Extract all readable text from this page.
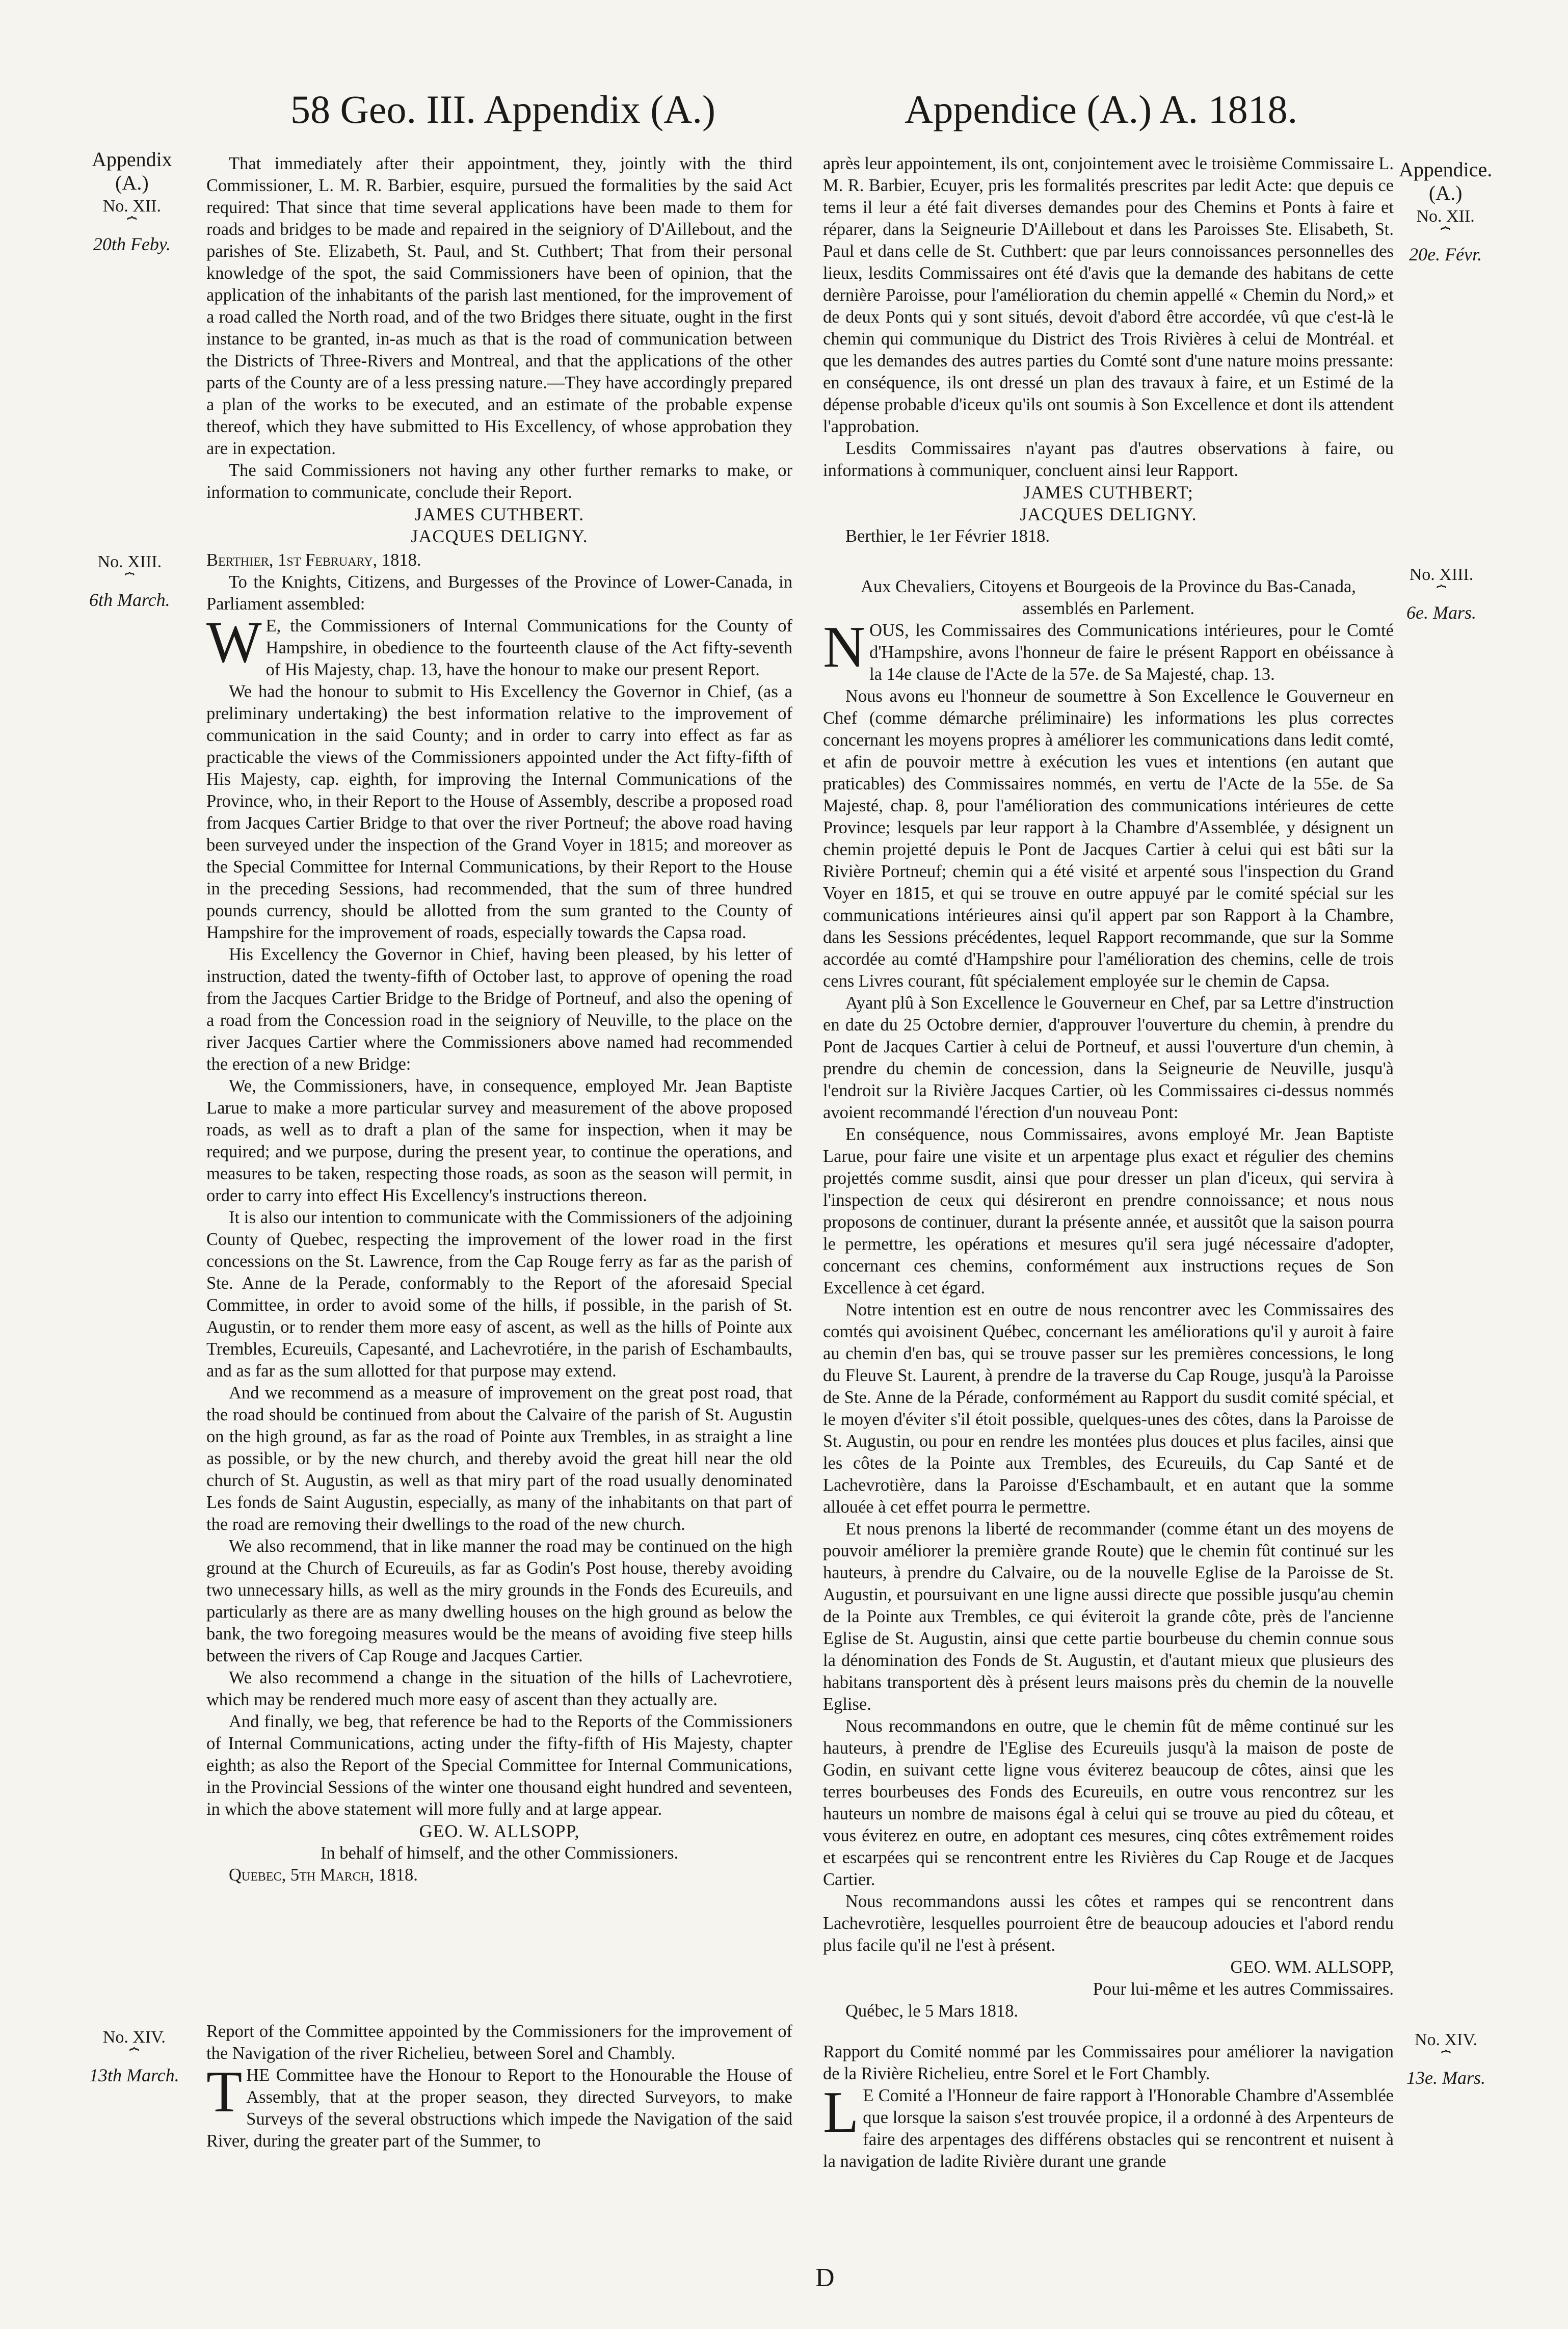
58 Geo. III. Appendix (A.)	Appendice (A.) A. 1818.
Appendix
(A.)
No. XII.
⏞
20th Feby.
No. XIII.
⏞
6th March.
No. XIV.
⏞
13th March.
Appendice.
(A.)
No. XII.
⏞
20e. Févr.
No. XIII.
⏞
6e. Mars.
No. XIV.
⏞
13e. Mars.

That immediately after their appointment, they, jointly with the third Commissioner, L. M. R. Barbier, esquire, pursued the formalities by the said Act required: That since that time several applications have been made to them for roads and bridges to be made and repaired in the seigniory of D'Aillebout, and the parishes of Ste. Elizabeth, St. Paul, and St. Cuthbert; That from their personal knowledge of the spot, the said Commissioners have been of opinion, that the application of the inhabitants of the parish last mentioned, for the improvement of a road called the North road, and of the two Bridges there situate, ought in the first instance to be granted, in-as much as that is the road of communication between the Districts of Three-Rivers and Montreal, and that the applications of the other parts of the County are of a less pressing nature.—They have accordingly prepared a plan of the works to be executed, and an estimate of the probable expense thereof, which they have submitted to His Excellency, of whose approbation they are in expectation.

The said Commissioners not having any other further remarks to make, or information to communicate, conclude their Report.

JAMES CUTHBERT.
JACQUES DELIGNY.

Berthier, 1st February, 1818.

To the Knights, Citizens, and Burgesses of the Province of Lower-Canada, in Parliament assembled:

W E, the Commissioners of Internal Communications for the County of Hampshire, in obedience to the fourteenth clause of the Act fifty-seventh of His Majesty, chap. 13, have the honour to make our present Report.

We had the honour to submit to His Excellency the Governor in Chief, (as a preliminary undertaking) the best information relative to the improvement of communication in the said County; and in order to carry into effect as far as practicable the views of the Commissioners appointed under the Act fifty-fifth of His Majesty, cap. eighth, for improving the Internal Communications of the Province, who, in their Report to the House of Assembly, describe a proposed road from Jacques Cartier Bridge to that over the river Portneuf; the above road having been surveyed under the inspection of the Grand Voyer in 1815; and moreover as the Special Committee for Internal Communications, by their Report to the House in the preceding Sessions, had recommended, that the sum of three hundred pounds currency, should be allotted from the sum granted to the County of Hampshire for the improvement of roads, especially towards the Capsa road.

His Excellency the Governor in Chief, having been pleased, by his letter of instruction, dated the twenty-fifth of October last, to approve of opening the road from the Jacques Cartier Bridge to the Bridge of Portneuf, and also the opening of a road from the Concession road in the seigniory of Neuville, to the place on the river Jacques Cartier where the Commissioners above named had recommended the erection of a new Bridge:

We, the Commissioners, have, in consequence, employed Mr. Jean Baptiste Larue to make a more particular survey and measurement of the above proposed roads, as well as to draft a plan of the same for inspection, when it may be required; and we purpose, during the present year, to continue the operations, and measures to be taken, respecting those roads, as soon as the season will permit, in order to carry into effect His Excellency's instructions thereon.

It is also our intention to communicate with the Commissioners of the adjoining County of Quebec, respecting the improvement of the lower road in the first concessions on the St. Lawrence, from the Cap Rouge ferry as far as the parish of Ste. Anne de la Perade, conformably to the Report of the aforesaid Special Committee, in order to avoid some of the hills, if possible, in the parish of St. Augustin, or to render them more easy of ascent, as well as the hills of Pointe aux Trembles, Ecureuils, Capesanté, and Lachevrotiére, in the parish of Eschambaults, and as far as the sum allotted for that purpose may extend.

And we recommend as a measure of improvement on the great post road, that the road should be continued from about the Calvaire of the parish of St. Augustin on the high ground, as far as the road of Pointe aux Trembles, in as straight a line as possible, or by the new church, and thereby avoid the great hill near the old church of St. Augustin, as well as that miry part of the road usually denominated Les fonds de Saint Augustin, especially, as many of the inhabitants on that part of the road are removing their dwellings to the road of the new church.

We also recommend, that in like manner the road may be continued on the high ground at the Church of Ecureuils, as far as Godin's Post house, thereby avoiding two unnecessary hills, as well as the miry grounds in the Fonds des Ecureuils, and particularly as there are as many dwelling houses on the high ground as below the bank, the two foregoing measures would be the means of avoiding five steep hills between the rivers of Cap Rouge and Jacques Cartier.

We also recommend a change in the situation of the hills of Lachevrotiere, which may be rendered much more easy of ascent than they actually are.

And finally, we beg, that reference be had to the Reports of the Commissioners of Internal Communications, acting under the fifty-fifth of His Majesty, chapter eighth; as also the Report of the Special Committee for Internal Communications, in the Provincial Sessions of the winter one thousand eight hundred and seventeen, in which the above statement will more fully and at large appear.

GEO. W. ALLSOPP,
In behalf of himself, and the other Commissioners.

Quebec, 5th March, 1818.

Report of the Committee appointed by the Commissioners for the improvement of the Navigation of the river Richelieu, between Sorel and Chambly.

THE Committee have the Honour to Report to the Honourable the House of Assembly, that at the proper season, they directed Surveyors, to make Surveys of the several obstructions which impede the Navigation of the said River, during the greater part of the Summer, to

après leur appointement, ils ont, conjointement avec le troisième Commissaire L. M. R. Barbier, Ecuyer, pris les formalités prescrites par ledit Acte: que depuis ce tems il leur a été fait diverses demandes pour des Chemins et Ponts à faire et réparer, dans la Seigneurie D'Aillebout et dans les Paroisses Ste. Elisabeth, St. Paul et dans celle de St. Cuthbert: que par leurs connoissances personnelles des lieux, lesdits Commissaires ont été d'avis que la demande des habitans de cette dernière Paroisse, pour l'amélioration du chemin appellé « Chemin du Nord,» et de deux Ponts qui y sont situés, devoit d'abord être accordée, vû que c'est-là le chemin qui communique du District des Trois Rivières à celui de Montréal. et que les demandes des autres parties du Comté sont d'une nature moins pressante: en conséquence, ils ont dressé un plan des travaux à faire, et un Estimé de la dépense probable d'iceux qu'ils ont soumis à Son Excellence et dont ils attendent l'approbation.

Lesdits Commissaires n'ayant pas d'autres observations à faire, ou informations à communiquer, concluent ainsi leur Rapport.

JAMES CUTHBERT;
JACQUES DELIGNY.

Berthier, le 1er Février 1818.

Aux Chevaliers, Citoyens et Bourgeois de la Province du Bas-Canada, assemblés en Parlement.

NOUS, les Commissaires des Communications intérieures, pour le Comté d'Hampshire, avons l'honneur de faire le présent Rapport en obéissance à la 14e clause de l'Acte de la 57e. de Sa Majesté, chap. 13.

Nous avons eu l'honneur de soumettre à Son Excellence le Gouverneur en Chef (comme démarche préliminaire) les informations les plus correctes concernant les moyens propres à améliorer les communications dans ledit comté, et afin de pouvoir mettre à exécution les vues et intentions (en autant que praticables) des Commissaires nommés, en vertu de l'Acte de la 55e. de Sa Majesté, chap. 8, pour l'amélioration des communications intérieures de cette Province; lesquels par leur rapport à la Chambre d'Assemblée, y désignent un chemin projetté depuis le Pont de Jacques Cartier à celui qui est bâti sur la Rivière Portneuf; chemin qui a été visité et arpenté sous l'inspection du Grand Voyer en 1815, et qui se trouve en outre appuyé par le comité spécial sur les communications intérieures ainsi qu'il appert par son Rapport à la Chambre, dans les Sessions précédentes, lequel Rapport recommande, que sur la Somme accordée au comté d'Hampshire pour l'amélioration des chemins, celle de trois cens Livres courant, fût spécialement employée sur le chemin de Capsa.

Ayant plû à Son Excellence le Gouverneur en Chef, par sa Lettre d'instruction en date du 25 Octobre dernier, d'approuver l'ouverture du chemin, à prendre du Pont de Jacques Cartier à celui de Portneuf, et aussi l'ouverture d'un chemin, à prendre du chemin de concession, dans la Seigneurie de Neuville, jusqu'à l'endroit sur la Rivière Jacques Cartier, où les Commissaires ci-dessus nommés avoient recommandé l'érection d'un nouveau Pont:

En conséquence, nous Commissaires, avons employé Mr. Jean Baptiste Larue, pour faire une visite et un arpentage plus exact et régulier des chemins projettés comme susdit, ainsi que pour dresser un plan d'iceux, qui servira à l'inspection de ceux qui désireront en prendre connoissance; et nous nous proposons de continuer, durant la présente année, et aussitôt que la saison pourra le permettre, les opérations et mesures qu'il sera jugé nécessaire d'adopter, concernant ces chemins, conformément aux instructions reçues de Son Excellence à cet égard.

Notre intention est en outre de nous rencontrer avec les Commissaires des comtés qui avoisinent Québec, concernant les améliorations qu'il y auroit à faire au chemin d'en bas, qui se trouve passer sur les premières concessions, le long du Fleuve St. Laurent, à prendre de la traverse du Cap Rouge, jusqu'à la Paroisse de Ste. Anne de la Pérade, conformément au Rapport du susdit comité spécial, et le moyen d'éviter s'il étoit possible, quelques-unes des côtes, dans la Paroisse de St. Augustin, ou pour en rendre les montées plus douces et plus faciles, ainsi que les côtes de la Pointe aux Trembles, des Ecureuils, du Cap Santé et de Lachevrotière, dans la Paroisse d'Eschambault, et en autant que la somme allouée à cet effet pourra le permettre.

Et nous prenons la liberté de recommander (comme étant un des moyens de pouvoir améliorer la première grande Route) que le chemin fût continué sur les hauteurs, à prendre du Calvaire, ou de la nouvelle Eglise de la Paroisse de St. Augustin, et poursuivant en une ligne aussi directe que possible jusqu'au chemin de la Pointe aux Trembles, ce qui éviteroit la grande côte, près de l'ancienne Eglise de St. Augustin, ainsi que cette partie bourbeuse du chemin connue sous la dénomination des Fonds de St. Augustin, et d'autant mieux que plusieurs des habitans transportent dès à présent leurs maisons près du chemin de la nouvelle Eglise.

Nous recommandons en outre, que le chemin fût de même continué sur les hauteurs, à prendre de l'Eglise des Ecureuils jusqu'à la maison de poste de Godin, en suivant cette ligne vous éviterez beaucoup de côtes, ainsi que les terres bourbeuses des Fonds des Ecureuils, en outre vous rencontrez sur les hauteurs un nombre de maisons égal à celui qui se trouve au pied du côteau, et vous éviterez en outre, en adoptant ces mesures, cinq côtes extrêmement roides et escarpées qui se rencontrent entre les Rivières du Cap Rouge et de Jacques Cartier.

Nous recommandons aussi les côtes et rampes qui se rencontrent dans Lachevrotière, lesquelles pourroient être de beaucoup adoucies et l'abord rendu plus facile qu'il ne l'est à présent.

GEO. WM. ALLSOPP,
Pour lui-même et les autres Commissaires.

Québec, le 5 Mars 1818.

Rapport du Comité nommé par les Commissaires pour améliorer la navigation de la Rivière Richelieu, entre Sorel et le Fort Chambly.

L E Comité a l'Honneur de faire rapport à l'Honorable Chambre d'Assemblée que lorsque la saison s'est trouvée propice, il a ordonné à des Arpenteurs de faire des arpentages des différens obstacles qui se rencontrent et nuisent à la navigation de ladite Rivière durant une grande

D
